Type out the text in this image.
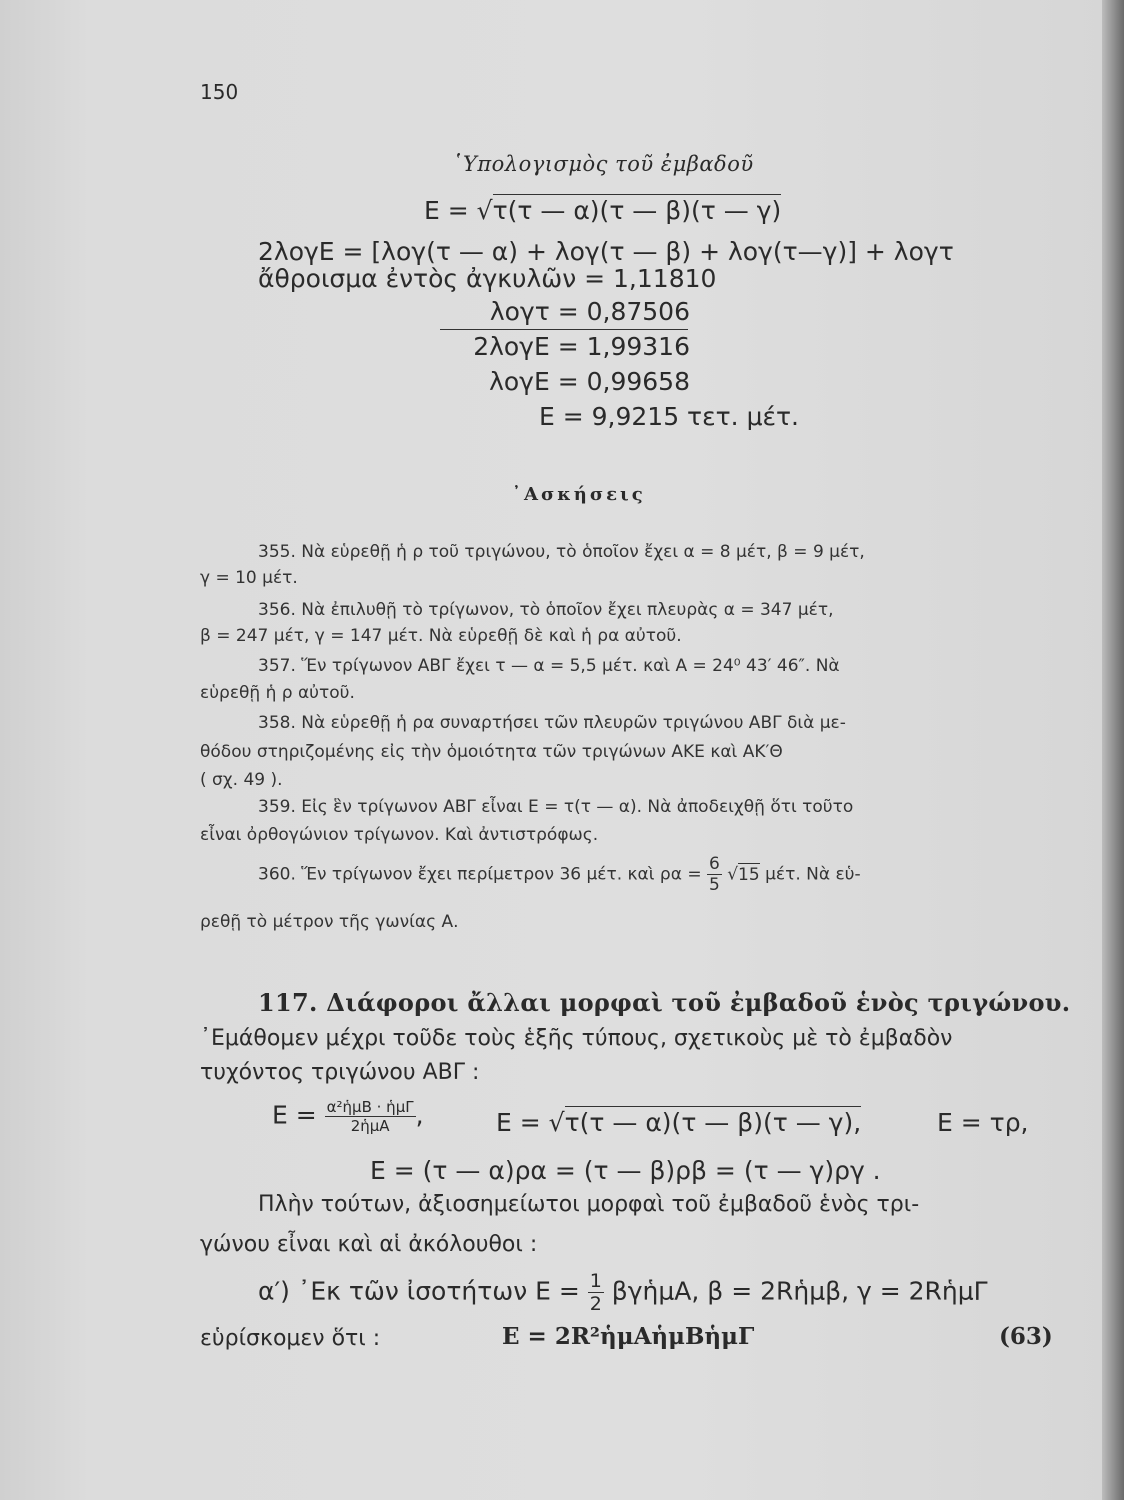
150
῾Υπολογισμὸς τοῦ ἐμβαδοῦ
E = √τ(τ — α)(τ — β)(τ — γ)
2λογE = [λογ(τ — α) + λογ(τ — β) + λογ(τ—γ)] + λογτ
ἄθροισμα ἐντὸς ἀγκυλῶν = 1,11810
λογτ = 0,87506
2λογE = 1,99316
λογE = 0,99658
E = 9,9215 τετ. μέτ.
᾿Ασκήσεις
355. Νὰ εὑρεθῇ ἡ ρ τοῦ τριγώνου, τὸ ὁποῖον ἔχει α = 8 μέτ, β = 9 μέτ,
γ = 10 μέτ.
356. Νὰ ἐπιλυθῇ τὸ τρίγωνον, τὸ ὁποῖον ἔχει πλευρὰς α = 347 μέτ,
β = 247 μέτ, γ = 147 μέτ. Νὰ εὑρεθῇ δὲ καὶ ἡ ρα αὐτοῦ.
357. Ἕν τρίγωνον ΑΒΓ ἔχει τ — α = 5,5 μέτ. καὶ Α = 24⁰ 43′ 46″. Νὰ
εὑρεθῇ ἡ ρ αὐτοῦ.
358. Νὰ εὑρεθῇ ἡ ρα συναρτήσει τῶν πλευρῶν τριγώνου ΑΒΓ διὰ με-
θόδου στηριζομένης εἰς τὴν ὁμοιότητα τῶν τριγώνων ΑΚΕ καὶ ΑΚ′Θ
( σχ. 49 ).
359. Εἰς ἓν τρίγωνον ΑΒΓ εἶναι Ε = τ(τ — α). Νὰ ἀποδειχθῇ ὅτι τοῦτο
εἶναι ὀρθογώνιον τρίγωνον. Καὶ ἀντιστρόφως.
360. Ἕν τρίγωνον ἔχει περίμετρον 36 μέτ. καὶ $\rho\alpha = \frac{6}{5} √15$ μέτ. Νὰ εὑ-
ρεθῇ τὸ μέτρον τῆς γωνίας Α.
117. Διάφοροι ἄλλαι μορφαὶ τοῦ ἐμβαδοῦ ἑνὸς τριγώνου.
᾿Εμάθομεν μέχρι τοῦδε τοὺς ἑξῆς τύπους, σχετικοὺς μὲ τὸ ἐμβαδὸν
τυχόντος τριγώνου ΑΒΓ :
$E = \frac{\text{α²ἡμΒ · ἡμΓ}}{\text{2ἡμΑ}}$ ,	E = √τ(τ — α)(τ — β)(τ — γ),	E = τρ,
E = (τ — α)ρα = (τ — β)ρβ = (τ — γ)ργ .
Πλὴν τούτων, ἀξιοσημείωτοι μορφαὶ τοῦ ἐμβαδοῦ ἑνὸς τρι-
γώνου εἶναι καὶ αἱ ἀκόλουθοι :
α′) ᾿Εκ τῶν ἰσοτήτων $E = \frac{1}{2}$ βγἡμΑ, β = 2Rἡμβ, γ = 2RἡμΓ
εὑρίσκομεν ὅτι :	E = 2R²ἡμΑἡμΒἡμΓ	(63)
